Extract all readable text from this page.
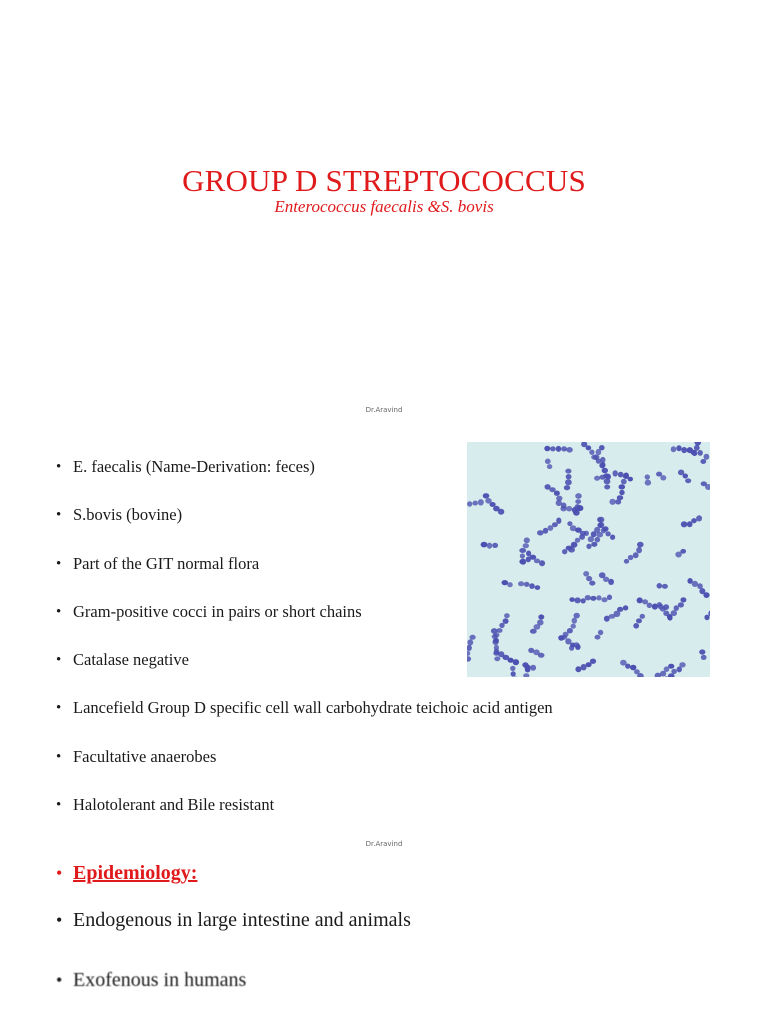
GROUP D STREPTOCOCCUS
Enterococcus faecalis &S. bovis
Dr.Aravind
• E. faecalis (Name-Derivation: feces)
• S.bovis (bovine)
• Part of the GIT normal flora
• Gram-positive cocci in pairs or short chains
• Catalase negative
• Lancefield Group D specific cell wall carbohydrate teichoic acid antigen
• Facultative anaerobes
• Halotolerant and Bile resistant
Dr.Aravind
• Epidemiology:
• Endogenous in large intestine and animals
• Exofenous in humans
